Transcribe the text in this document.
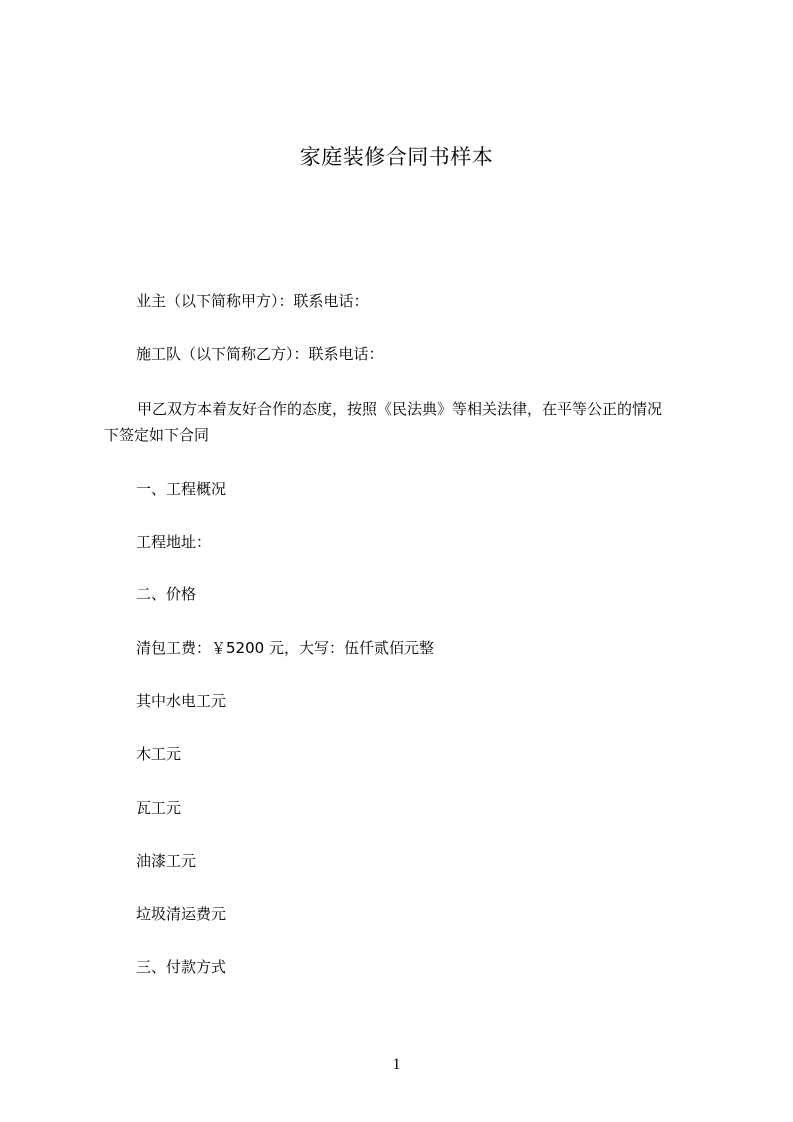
家庭装修合同书样本
业主（以下简称甲方）：联系电话：
施工队（以下简称乙方）：联系电话：
甲乙双方本着友好合作的态度，按照《民法典》等相关法律，在平等公正的情况
下签定如下合同
一、工程概况
工程地址：
二、价格
清包工费：￥5200 元，大写：伍仟贰佰元整
其中水电工元
木工元
瓦工元
油漆工元
垃圾清运费元
三、付款方式
1
